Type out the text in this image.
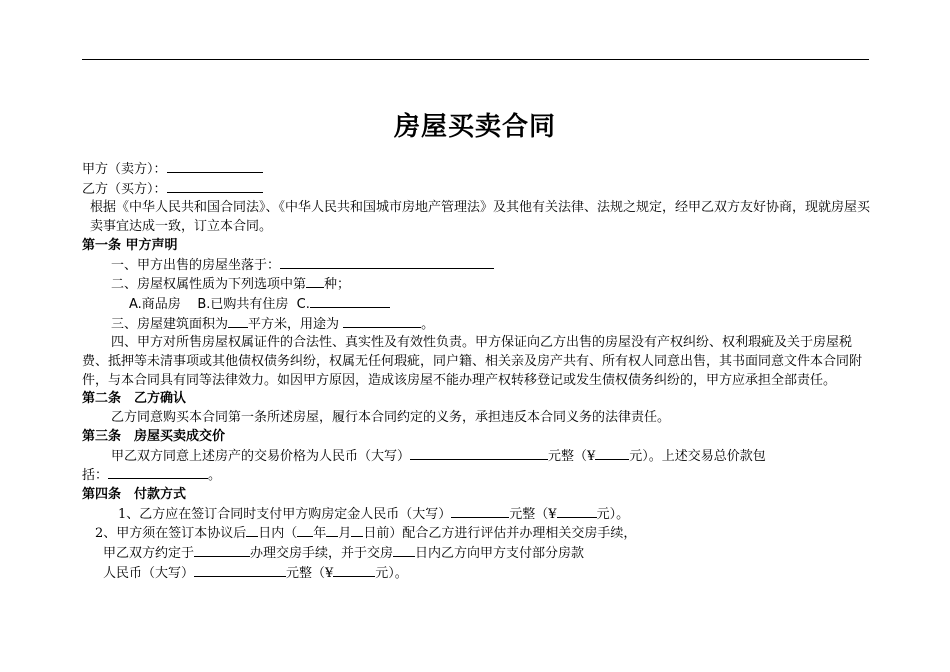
房屋买卖合同
甲方（卖方）：
乙方（买方）：
根据《中华人民共和国合同法》、《中华人民共和国城市房地产管理法》及其他有关法律、法规之规定，经甲乙双方友好协商，现就房屋买卖事宜达成一致，订立本合同。
第一条 甲方声明
一、甲方出售的房屋坐落于：
二、房屋权属性质为下列选项中第 种；
A.商品房 B.已购共有住房 C.
三、房屋建筑面积为 平方米，用途为	。
四、甲方对所售房屋权属证件的合法性、真实性及有效性负责。甲方保证向乙方出售的房屋没有产权纠纷、权利瑕疵及关于房屋税费、抵押等未清事项或其他债权债务纠纷，权属无任何瑕疵，同户籍、相关亲及房产共有、所有权人同意出售，其书面同意文件本合同附件，与本合同具有同等法律效力。如因甲方原因，造成该房屋不能办理产权转移登记或发生债权债务纠纷的，甲方应承担全部责任。
第二条　乙方确认
乙方同意购买本合同第一条所述房屋，履行本合同约定的义务，承担违反本合同义务的法律责任。
第三条　房屋买卖成交价
甲乙双方同意上述房产的交易价格为人民币（大写）	元整（¥	元）。上述交易总价款包
括：	。
第四条　付款方式
1、乙方应在签订合同时支付甲方购房定金人民币（大写）	元整（¥	元）。
2、甲方须在签订本协议后 日内（ 年 月 日前）配合乙方进行评估并办理相关交房手续，
甲乙双方约定于	办理交房手续，并于交房 日内乙方向甲方支付部分房款
人民币（大写）	元整（¥	元）。
